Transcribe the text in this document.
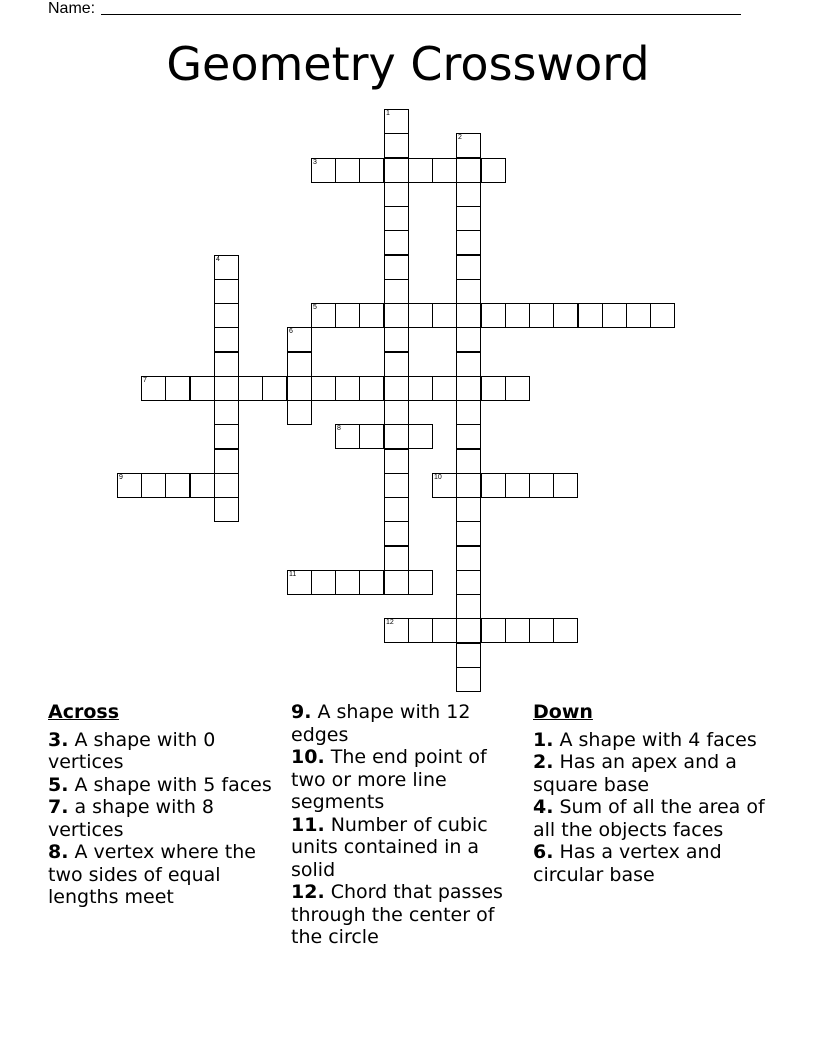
Name:
Geometry Crossword
1
2
3
4
5
6
7
8
9	10
11
12
Across
3. A shape with 0 vertices
5. A shape with 5 faces
7. a shape with 8 vertices
8. A vertex where the two sides of equal lengths meet
9. A shape with 12 edges
10. The end point of two or more line segments
11. Number of cubic units contained in a solid
12. Chord that passes through the center of the circle
Down
1. A shape with 4 faces
2. Has an apex and a square base
4. Sum of all the area of all the objects faces
6. Has a vertex and circular base
